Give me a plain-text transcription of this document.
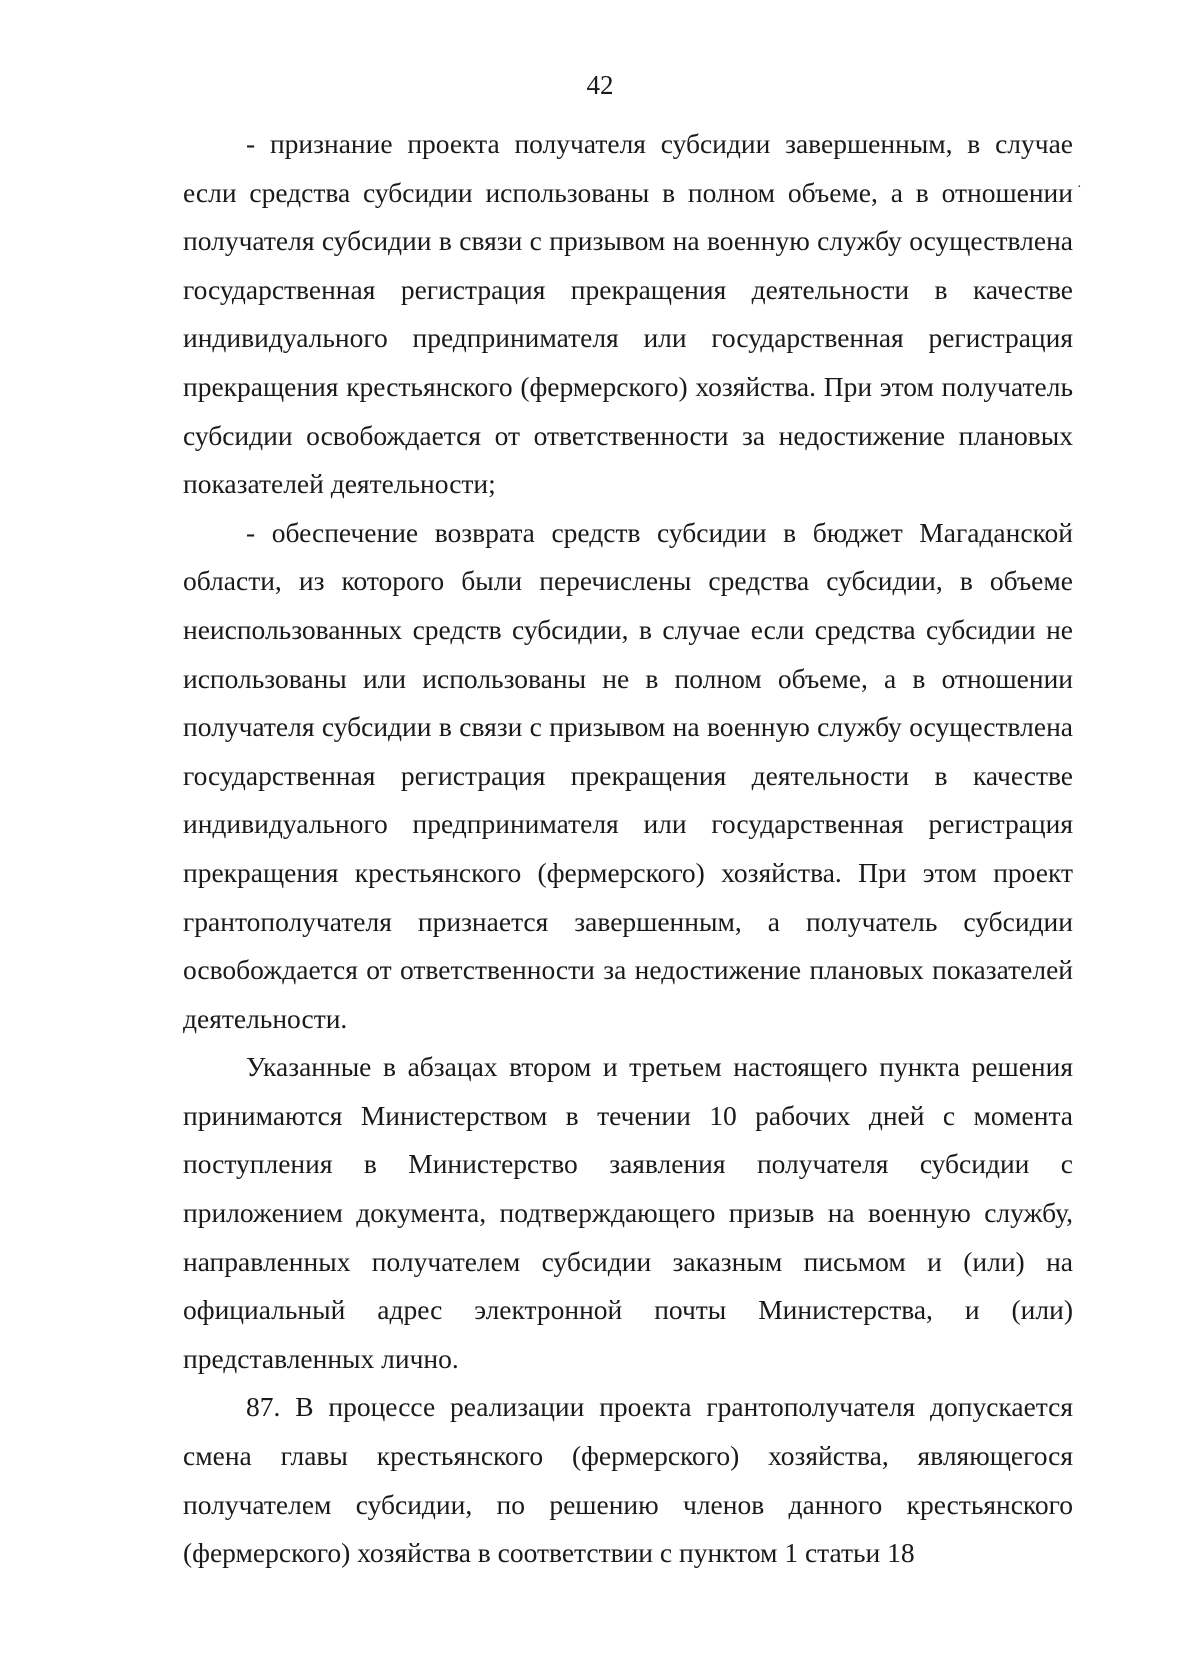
42
·

- признание проекта получателя субсидии завершенным, в случае если средства субсидии использованы в полном объеме, а в отношении получателя субсидии в связи с призывом на военную службу осуществлена государственная регистрация прекращения деятельности в качестве индивидуального предпринимателя или государственная регистрация прекращения крестьянского (фермерского) хозяйства. При этом получатель субсидии освобождается от ответственности за недостижение плановых показателей деятельности;

- обеспечение возврата средств субсидии в бюджет Магаданской области, из которого были перечислены средства субсидии, в объеме неиспользованных средств субсидии, в случае если средства субсидии не использованы или использованы не в полном объеме, а в отношении получателя субсидии в связи с призывом на военную службу осуществлена государственная регистрация прекращения деятельности в качестве индивидуального предпринимателя или государственная регистрация прекращения крестьянского (фермерского) хозяйства. При этом проект грантополучателя признается завершенным, а получатель субсидии освобождается от ответственности за недостижение плановых показателей деятельности.

Указанные в абзацах втором и третьем настоящего пункта решения принимаются Министерством в течении 10 рабочих дней с момента поступления в Министерство заявления получателя субсидии с приложением документа, подтверждающего призыв на военную службу, направленных получателем субсидии заказным письмом и (или) на официальный адрес электронной почты Министерства, и (или) представленных лично.

87. В процессе реализации проекта грантополучателя допускается смена главы крестьянского (фермерского) хозяйства, являющегося получателем субсидии, по решению членов данного крестьянского (фермерского) хозяйства в соответствии с пунктом 1 статьи 18
